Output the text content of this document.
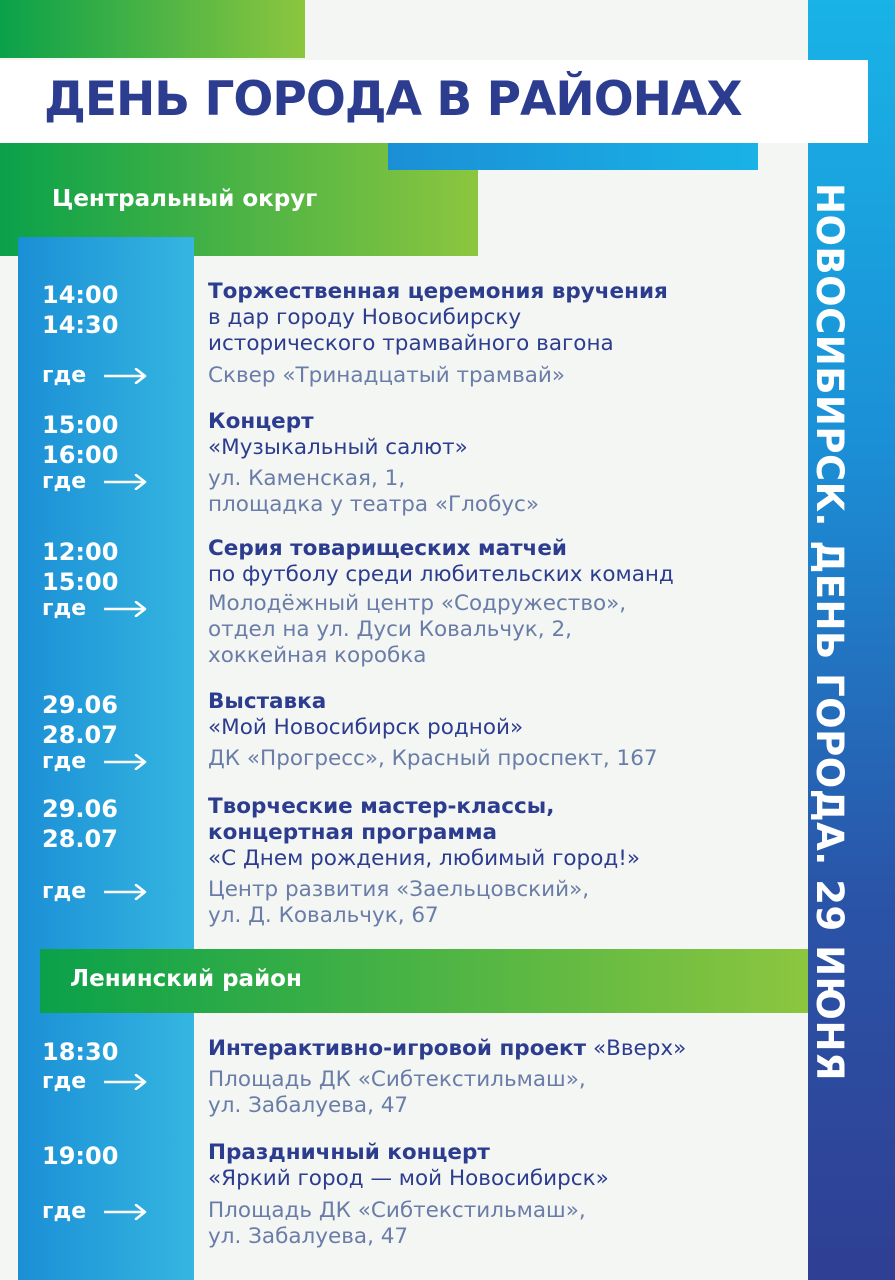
ДЕНЬ ГОРОДА В РАЙОНАХ
НОВОСИБИРСК. ДЕНЬ ГОРОДА. 29 ИЮНЯ
Центральный округ
Ленинский район
14:00
14:30
где
Торжественная церемония вручения
в дар городу Новосибирску
исторического трамвайного вагона
Сквер «Тринадцатый трамвай»
15:00
16:00
где
Концерт
«Музыкальный салют»
ул. Каменская, 1,
площадка у театра «Глобус»
12:00
15:00
где
Серия товарищеских матчей
по футболу среди любительских команд
Молодёжный центр «Содружество»,
отдел на ул. Дуси Ковальчук, 2,
хоккейная коробка
29.06
28.07
где
Выставка
«Мой Новосибирск родной»
ДК «Прогресс», Красный проспект, 167
29.06
28.07
где
Творческие мастер-классы,
концертная программа
«С Днем рождения, любимый город!»
Центр развития «Заельцовский»,
ул. Д. Ковальчук, 67
18:30
где
Интерактивно-игровой проект «Вверх»
Площадь ДК «Сибтекстильмаш»,
ул. Забалуева, 47
19:00
где
Праздничный концерт
«Яркий город — мой Новосибирск»
Площадь ДК «Сибтекстильмаш»,
ул. Забалуева, 47
